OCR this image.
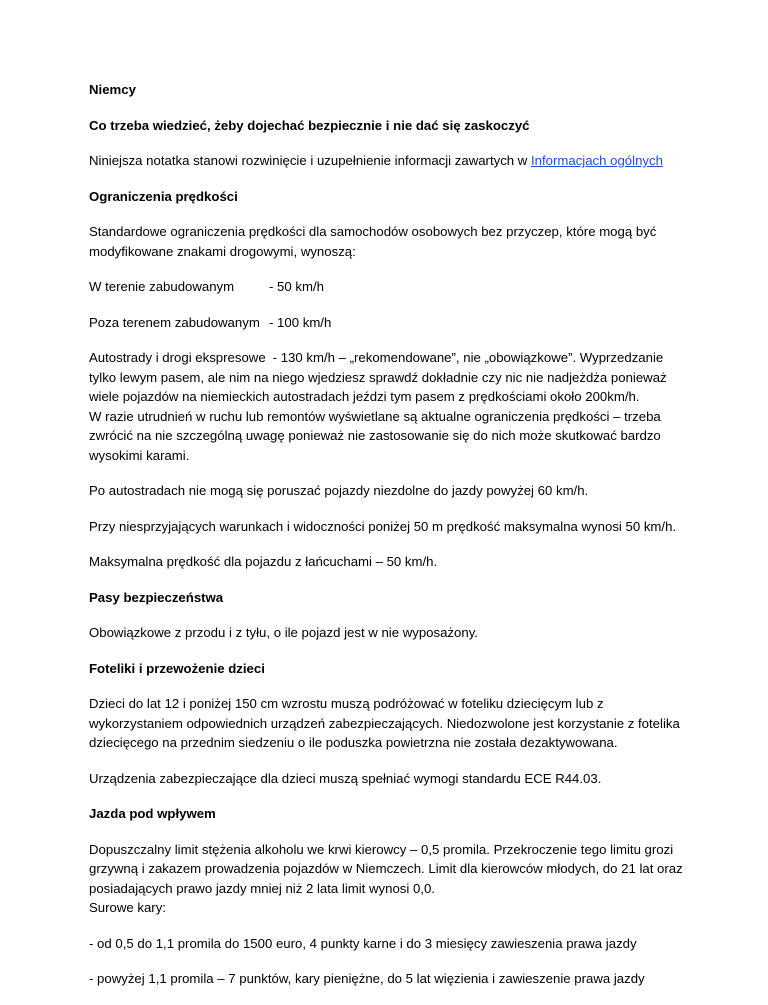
Niemcy

Co trzeba wiedzieć, żeby dojechać bezpiecznie i nie dać się zaskoczyć

Niniejsza notatka stanowi rozwinięcie i uzupełnienie informacji zawartych w Informacjach ogólnych

Ograniczenia prędkości

Standardowe ograniczenia prędkości dla samochodów osobowych bez przyczep, które mogą być modyfikowane znakami drogowymi, wynoszą:

W terenie zabudowanym	- 50 km/h
Poza terenem zabudowanym - 100 km/h
Autostrady i drogi ekspresowe - 130 km/h – „rekomendowane”, nie „obowiązkowe”. Wyprzedzanie tylko lewym pasem, ale nim na niego wjedziesz sprawdź dokładnie czy nic nie nadjeżdża ponieważ wiele pojazdów na niemieckich autostradach jeździ tym pasem z prędkościami około 200km/h.
W razie utrudnień w ruchu lub remontów wyświetlane są aktualne ograniczenia prędkości – trzeba zwrócić na nie szczególną uwagę ponieważ nie zastosowanie się do nich może skutkować bardzo wysokimi karami.

Po autostradach nie mogą się poruszać pojazdy niezdolne do jazdy powyżej 60 km/h.

Przy niesprzyjających warunkach i widoczności poniżej 50 m prędkość maksymalna wynosi 50 km/h.

Maksymalna prędkość dla pojazdu z łańcuchami – 50 km/h.

Pasy bezpieczeństwa

Obowiązkowe z przodu i z tyłu, o ile pojazd jest w nie wyposażony.

Foteliki i przewożenie dzieci

Dzieci do lat 12 i poniżej 150 cm wzrostu muszą podróżować w foteliku dziecięcym lub z wykorzystaniem odpowiednich urządzeń zabezpieczających. Niedozwolone jest korzystanie z fotelika dziecięcego na przednim siedzeniu o ile poduszka powietrzna nie została dezaktywowana.

Urządzenia zabezpieczające dla dzieci muszą spełniać wymogi standardu ECE R44.03.

Jazda pod wpływem

Dopuszczalny limit stężenia alkoholu we krwi kierowcy – 0,5 promila. Przekroczenie tego limitu grozi grzywną i zakazem prowadzenia pojazdów w Niemczech. Limit dla kierowców młodych, do 21 lat oraz posiadających prawo jazdy mniej niż 2 lata limit wynosi 0,0.
Surowe kary:

- od 0,5 do 1,1 promila do 1500 euro, 4 punkty karne i do 3 miesięcy zawieszenia prawa jazdy

- powyżej 1,1 promila – 7 punktów, kary pieniężne, do 5 lat więzienia i zawieszenie prawa jazdy
